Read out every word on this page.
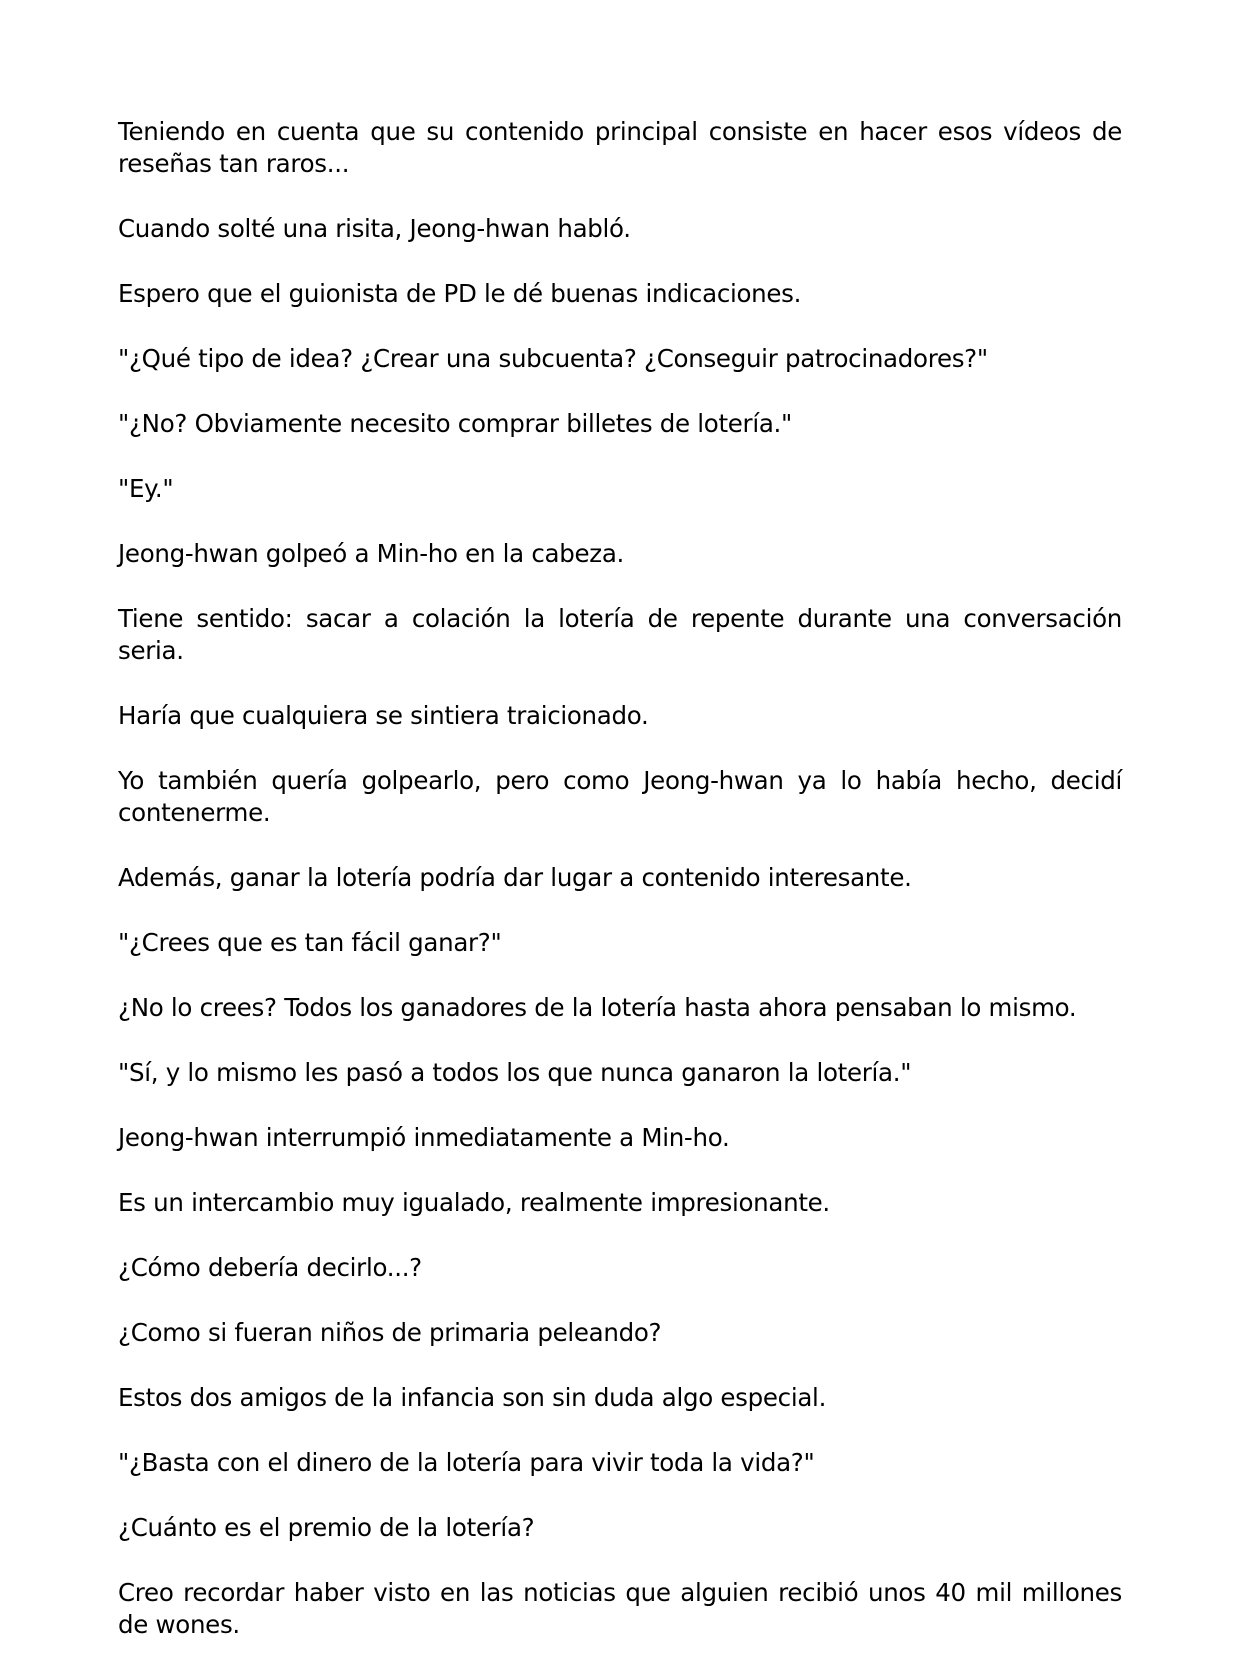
Teniendo en cuenta que su contenido principal consiste en hacer esos vídeos de reseñas tan raros...

Cuando solté una risita, Jeong-hwan habló.

Espero que el guionista de PD le dé buenas indicaciones.

"¿Qué tipo de idea? ¿Crear una subcuenta? ¿Conseguir patrocinadores?"

"¿No? Obviamente necesito comprar billetes de lotería."

"Ey."

Jeong-hwan golpeó a Min-ho en la cabeza.

Tiene sentido: sacar a colación la lotería de repente durante una conversación seria.

Haría que cualquiera se sintiera traicionado.

Yo también quería golpearlo, pero como Jeong-hwan ya lo había hecho, decidí contenerme.

Además, ganar la lotería podría dar lugar a contenido interesante.

"¿Crees que es tan fácil ganar?"

¿No lo crees? Todos los ganadores de la lotería hasta ahora pensaban lo mismo.

"Sí, y lo mismo les pasó a todos los que nunca ganaron la lotería."

Jeong-hwan interrumpió inmediatamente a Min-ho.

Es un intercambio muy igualado, realmente impresionante.

¿Cómo debería decirlo...?

¿Como si fueran niños de primaria peleando?

Estos dos amigos de la infancia son sin duda algo especial.

"¿Basta con el dinero de la lotería para vivir toda la vida?"

¿Cuánto es el premio de la lotería?

Creo recordar haber visto en las noticias que alguien recibió unos 40 mil millones de wones.
